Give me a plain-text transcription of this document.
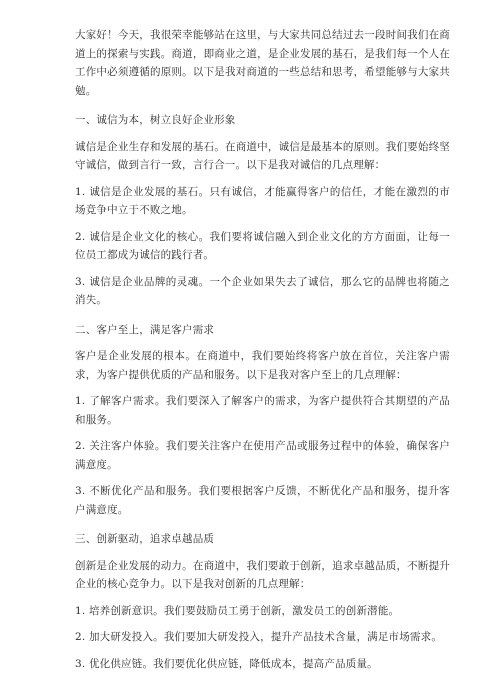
大家好！今天，我很荣幸能够站在这里，与大家共同总结过去一段时间我们在商道上的探索与实践。商道，即商业之道，是企业发展的基石，是我们每一个人在工作中必须遵循的原则。以下是我对商道的一些总结和思考，希望能够与大家共勉。

一、诚信为本，树立良好企业形象

诚信是企业生存和发展的基石。在商道中，诚信是最基本的原则。我们要始终坚守诚信，做到言行一致，言行合一。以下是我对诚信的几点理解：

1. 诚信是企业发展的基石。只有诚信，才能赢得客户的信任，才能在激烈的市场竞争中立于不败之地。

2. 诚信是企业文化的核心。我们要将诚信融入到企业文化的方方面面，让每一位员工都成为诚信的践行者。

3. 诚信是企业品牌的灵魂。一个企业如果失去了诚信，那么它的品牌也将随之消失。

二、客户至上，满足客户需求

客户是企业发展的根本。在商道中，我们要始终将客户放在首位，关注客户需求，为客户提供优质的产品和服务。以下是我对客户至上的几点理解：

1. 了解客户需求。我们要深入了解客户的需求，为客户提供符合其期望的产品和服务。

2. 关注客户体验。我们要关注客户在使用产品或服务过程中的体验，确保客户满意度。

3. 不断优化产品和服务。我们要根据客户反馈，不断优化产品和服务，提升客户满意度。

三、创新驱动，追求卓越品质

创新是企业发展的动力。在商道中，我们要敢于创新，追求卓越品质，不断提升企业的核心竞争力。以下是我对创新的几点理解：

1. 培养创新意识。我们要鼓励员工勇于创新，激发员工的创新潜能。

2. 加大研发投入。我们要加大研发投入，提升产品技术含量，满足市场需求。

3. 优化供应链。我们要优化供应链，降低成本，提高产品质量。
